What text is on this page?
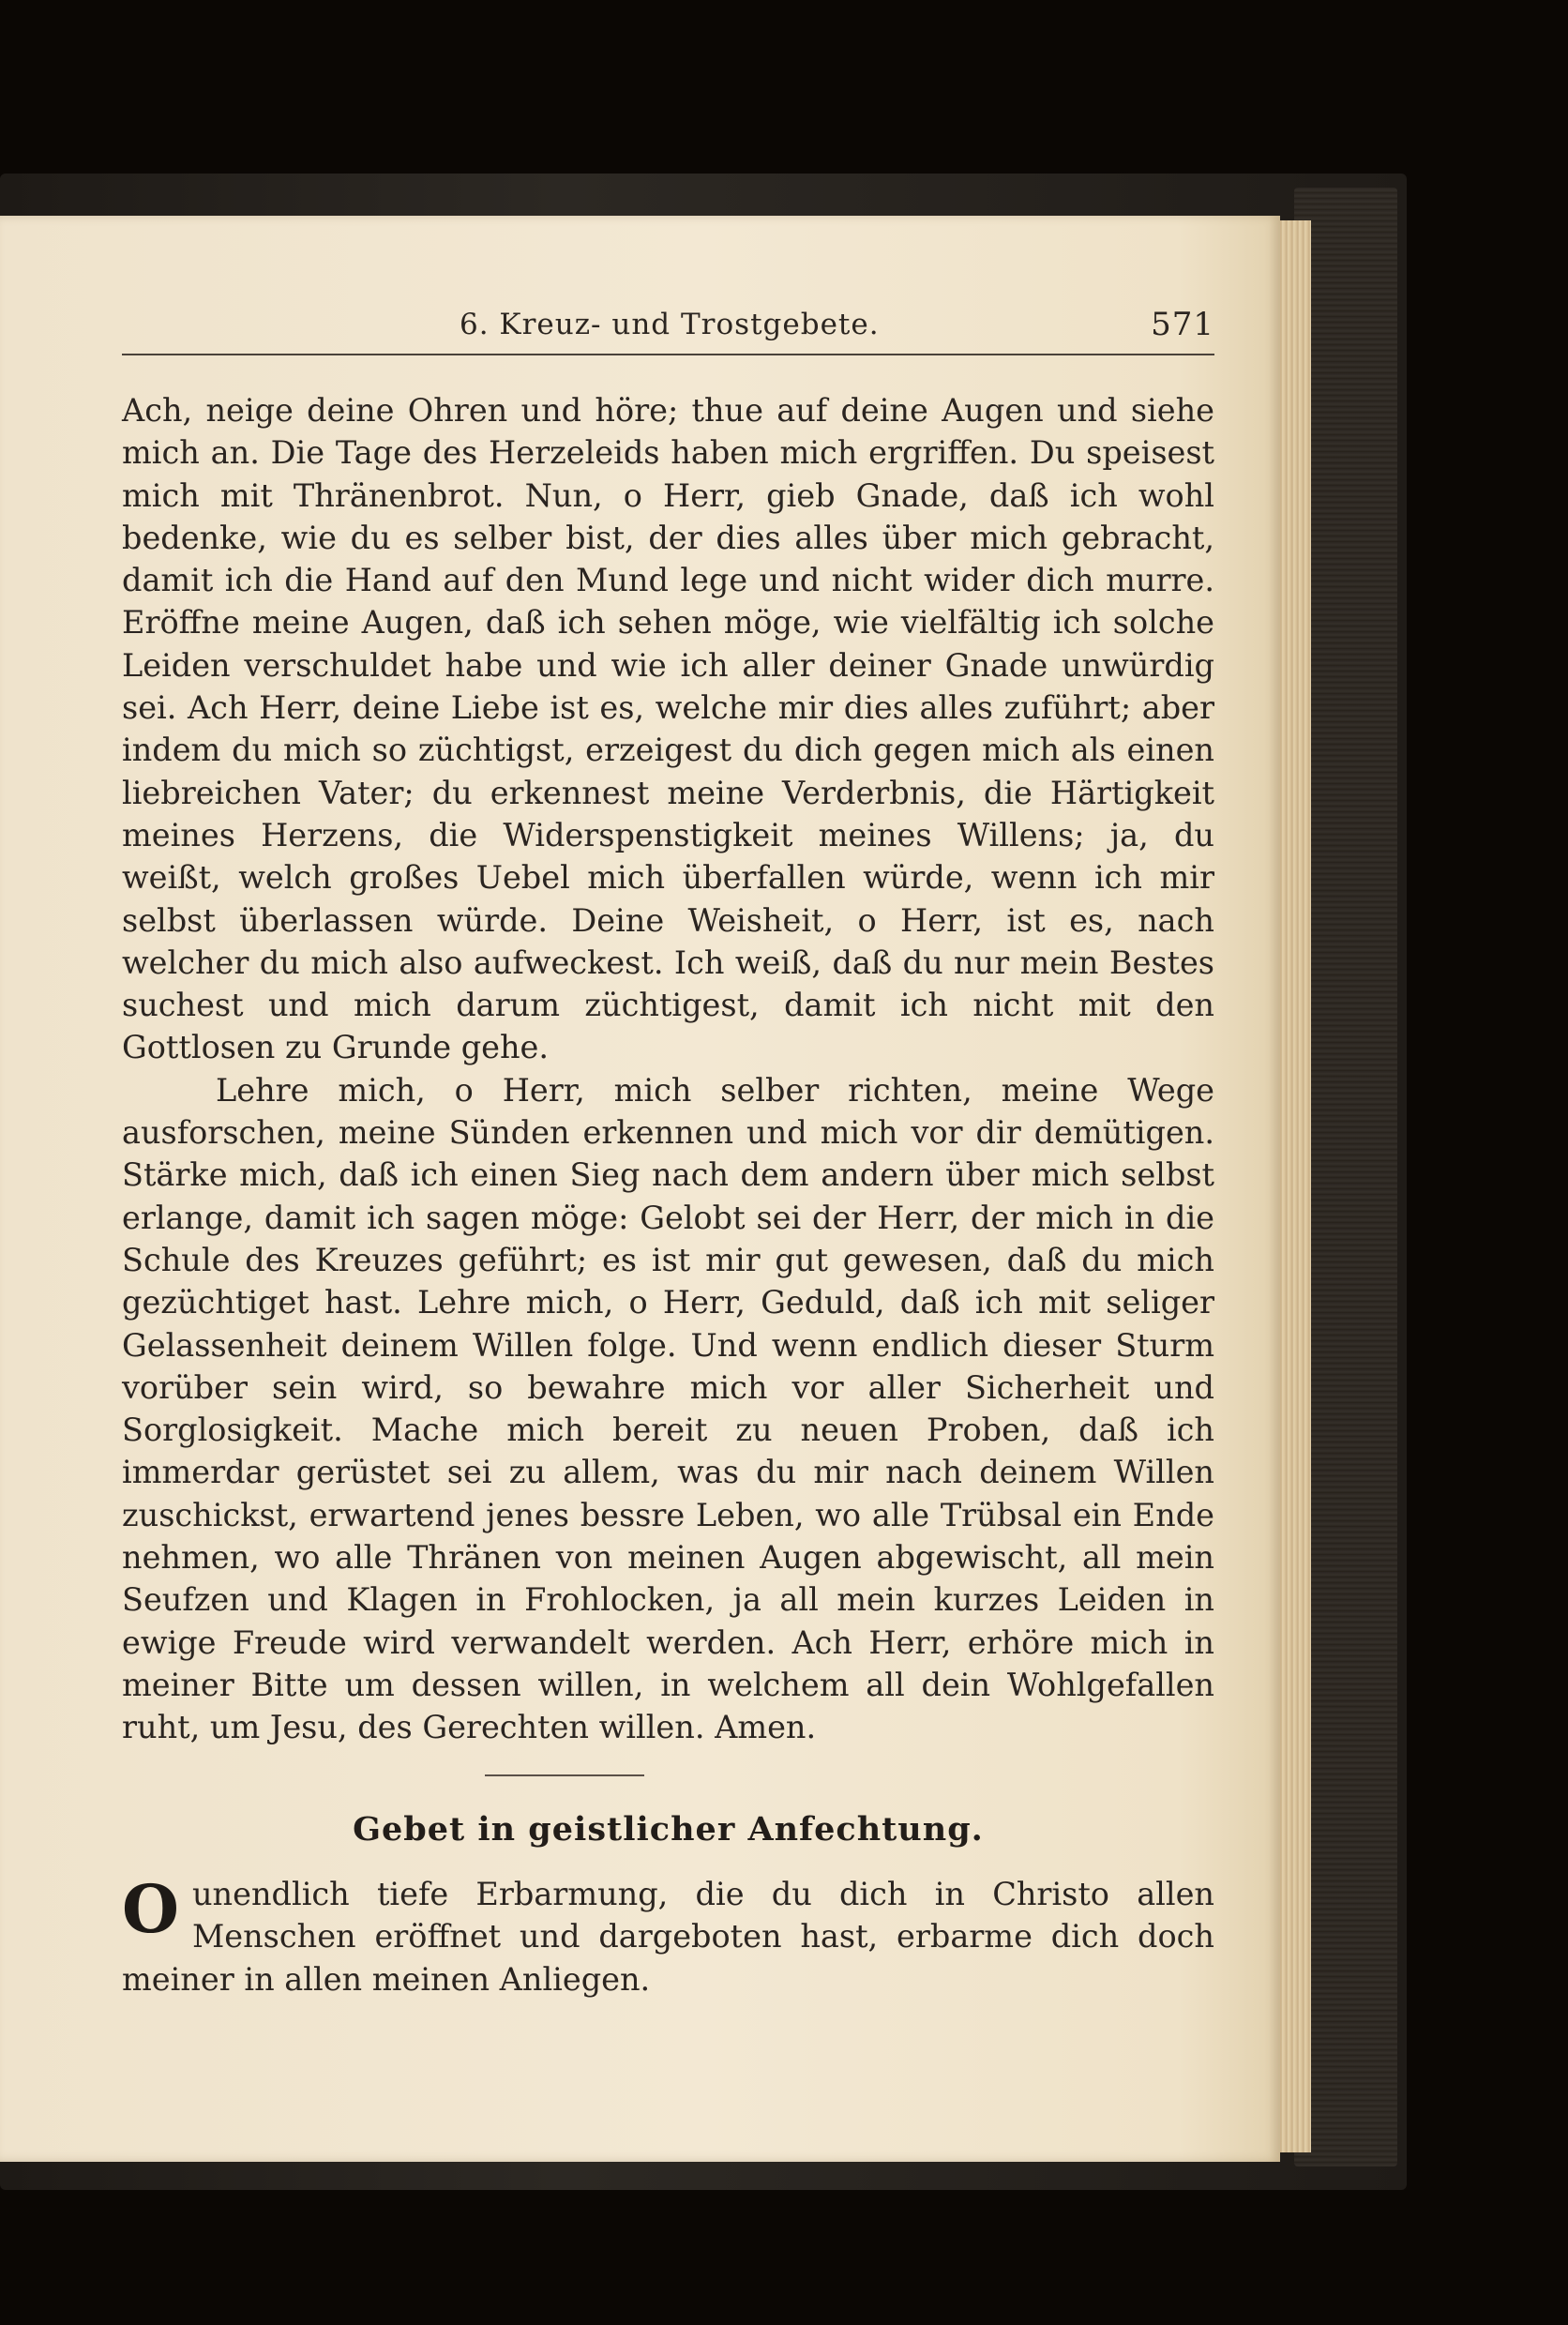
6. Kreuz- und Trostgebete.	571

Ach, neige deine Ohren und höre; thue auf deine Augen und siehe mich an. Die Tage des Herzeleids haben mich ergriffen. Du speisest mich mit Thränenbrot. Nun, o Herr, gieb Gnade, daß ich wohl bedenke, wie du es selber bist, der dies alles über mich gebracht, damit ich die Hand auf den Mund lege und nicht wider dich murre. Eröffne meine Augen, daß ich sehen möge, wie vielfältig ich solche Leiden verschuldet habe und wie ich aller deiner Gnade unwürdig sei. Ach Herr, deine Liebe ist es, welche mir dies alles zuführt; aber indem du mich so züchtigst, erzeigest du dich gegen mich als einen liebreichen Vater; du erkennest meine Verderbnis, die Härtigkeit meines Herzens, die Widerspenstigkeit meines Willens; ja, du weißt, welch großes Uebel mich überfallen würde, wenn ich mir selbst überlassen würde. Deine Weisheit, o Herr, ist es, nach welcher du mich also aufweckest. Ich weiß, daß du nur mein Bestes suchest und mich darum züchtigest, damit ich nicht mit den Gottlosen zu Grunde gehe.

Lehre mich, o Herr, mich selber richten, meine Wege ausforschen, meine Sünden erkennen und mich vor dir demütigen. Stärke mich, daß ich einen Sieg nach dem andern über mich selbst erlange, damit ich sagen möge: Gelobt sei der Herr, der mich in die Schule des Kreuzes geführt; es ist mir gut gewesen, daß du mich gezüchtiget hast. Lehre mich, o Herr, Geduld, daß ich mit seliger Gelassenheit deinem Willen folge. Und wenn endlich dieser Sturm vorüber sein wird, so bewahre mich vor aller Sicherheit und Sorglosigkeit. Mache mich bereit zu neuen Proben, daß ich immerdar gerüstet sei zu allem, was du mir nach deinem Willen zuschickst, erwartend jenes bessre Leben, wo alle Trübsal ein Ende nehmen, wo alle Thränen von meinen Augen abgewischt, all mein Seufzen und Klagen in Frohlocken, ja all mein kurzes Leiden in ewige Freude wird verwandelt werden. Ach Herr, erhöre mich in meiner Bitte um dessen willen, in welchem all dein Wohlgefallen ruht, um Jesu, des Gerechten willen. Amen.

Gebet in geistlicher Anfechtung.

O unendlich tiefe Erbarmung, die du dich in Christo allen Menschen eröffnet und dargeboten hast, erbarme dich doch meiner in allen meinen Anliegen.
